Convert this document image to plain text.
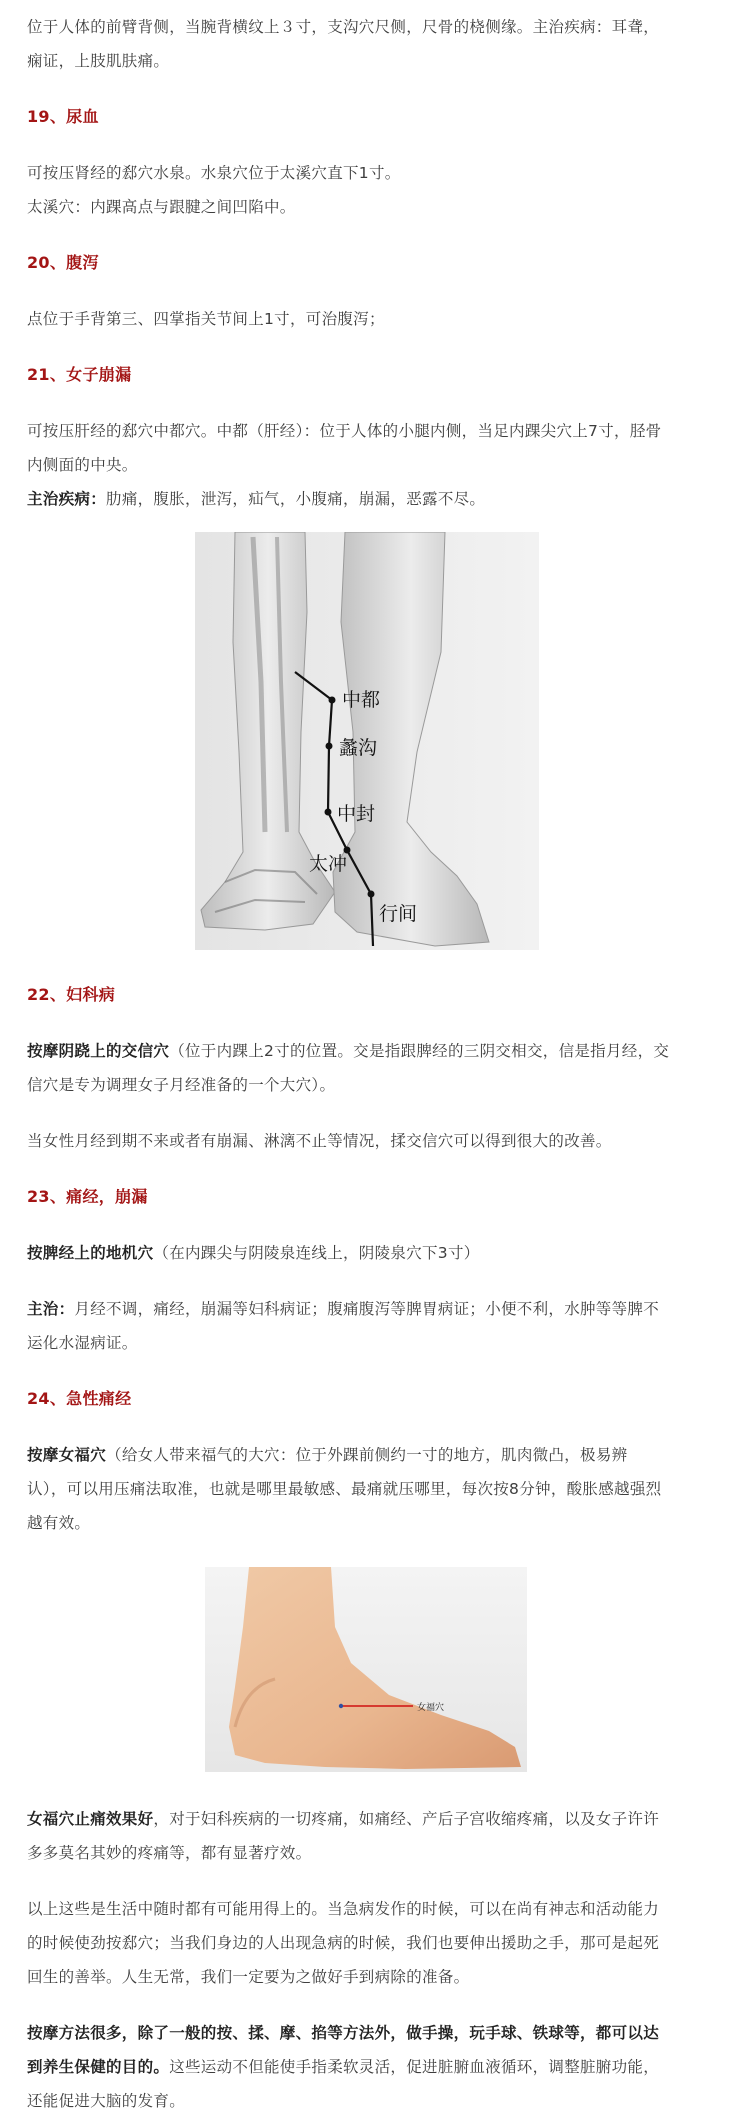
位于人体的前臂背侧，当腕背横纹上３寸，支沟穴尺侧，尺骨的桡侧缘。主治疾病：耳聋，

痫证，上肢肌肤痛。

19、尿血

可按压肾经的郄穴水泉。水泉穴位于太溪穴直下1寸。

太溪穴：内踝高点与跟腱之间凹陷中。

20、腹泻

点位于手背第三、四掌指关节间上1寸，可治腹泻；

21、女子崩漏

可按压肝经的郄穴中都穴。中都（肝经）：位于人体的小腿内侧，当足内踝尖穴上7寸，胫骨

内侧面的中央。

主治疾病：肋痛，腹胀，泄泻，疝气，小腹痛，崩漏，恶露不尽。

中都
蠡沟
中封
太冲
行间

22、妇科病

按摩阴跷上的交信穴（位于内踝上2寸的位置。交是指跟脾经的三阴交相交，信是指月经，交

信穴是专为调理女子月经准备的一个大穴）。

当女性月经到期不来或者有崩漏、淋漓不止等情况，揉交信穴可以得到很大的改善。

23、痛经，崩漏

按脾经上的地机穴（在内踝尖与阴陵泉连线上，阴陵泉穴下3寸）

主治：月经不调，痛经，崩漏等妇科病证；腹痛腹泻等脾胃病证；小便不利，水肿等等脾不

运化水湿病证。

24、急性痛经

按摩女福穴（给女人带来福气的大穴：位于外踝前侧约一寸的地方，肌肉微凸，极易辨

认），可以用压痛法取准，也就是哪里最敏感、最痛就压哪里，每次按8分钟，酸胀感越强烈

越有效。

女福穴

女福穴止痛效果好，对于妇科疾病的一切疼痛，如痛经、产后子宫收缩疼痛，以及女子许许

多多莫名其妙的疼痛等，都有显著疗效。

以上这些是生活中随时都有可能用得上的。当急病发作的时候，可以在尚有神志和活动能力

的时候使劲按郄穴；当我们身边的人出现急病的时候，我们也要伸出援助之手，那可是起死

回生的善举。人生无常，我们一定要为之做好手到病除的准备。

按摩方法很多，除了一般的按、揉、摩、掐等方法外，做手操，玩手球、铁球等，都可以达

到养生保健的目的。这些运动不但能使手指柔软灵活，促进脏腑血液循环，调整脏腑功能，

还能促进大脑的发育。
